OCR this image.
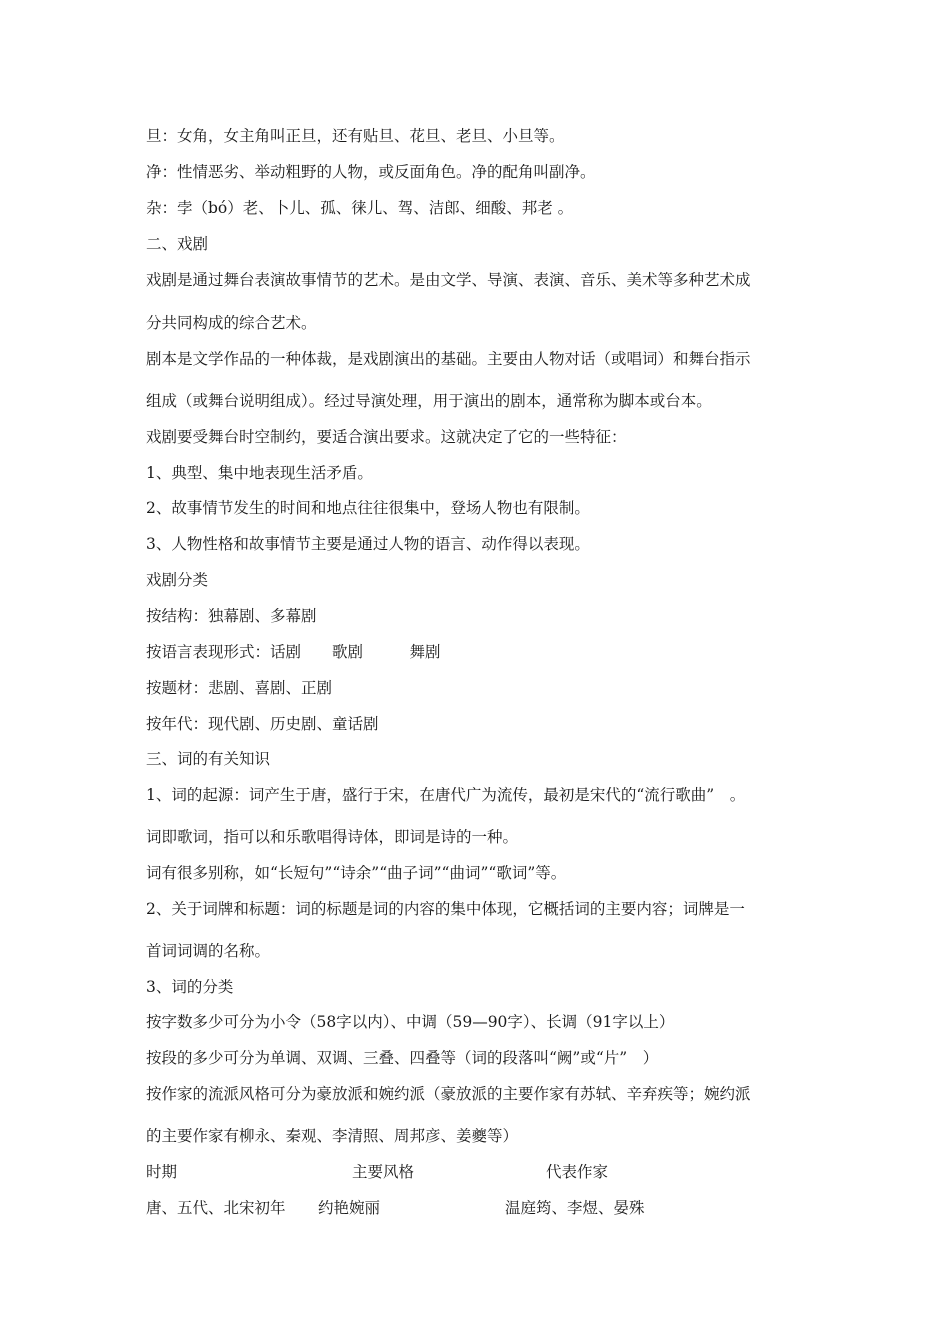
旦：女角，女主角叫正旦，还有贴旦、花旦、老旦、小旦等。
净：性情恶劣、举动粗野的人物，或反面角色。净的配角叫副净。
杂：孛（bó）老、卜儿、孤、徕儿、驾、洁郎、细酸、邦老 。
二、戏剧
戏剧是通过舞台表演故事情节的艺术。是由文学、导演、表演、音乐、美术等多种艺术成
分共同构成的综合艺术。
剧本是文学作品的一种体裁，是戏剧演出的基础。主要由人物对话（或唱词）和舞台指示
组成（或舞台说明组成）。经过导演处理，用于演出的剧本，通常称为脚本或台本。
戏剧要受舞台时空制约，要适合演出要求。这就决定了它的一些特征：
1、典型、集中地表现生活矛盾。
2、故事情节发生的时间和地点往往很集中，登场人物也有限制。
3、人物性格和故事情节主要是通过人物的语言、动作得以表现。
戏剧分类
按结构：独幕剧、多幕剧
按语言表现形式：话剧　　歌剧　　　舞剧
按题材：悲剧、喜剧、正剧
按年代：现代剧、历史剧、童话剧
三、词的有关知识
1、词的起源：词产生于唐，盛行于宋，在唐代广为流传，最初是宋代的“流行歌曲”　。
词即歌词，指可以和乐歌唱得诗体，即词是诗的一种。
词有很多别称，如“长短句”“诗余”“曲子词”“曲词”“歌词”等。
2、关于词牌和标题：词的标题是词的内容的集中体现，它概括词的主要内容；词牌是一
首词词调的名称。
3、词的分类
按字数多少可分为小令（58字以内）、中调（59—90字）、长调（91字以上）
按段的多少可分为单调、双调、三叠、四叠等（词的段落叫“阙”或“片”　）
按作家的流派风格可分为豪放派和婉约派（豪放派的主要作家有苏轼、辛弃疾等；婉约派
的主要作家有柳永、秦观、李清照、周邦彦、姜夔等）
时期	主要风格	代表作家
唐、五代、北宋初年 约艳婉丽	温庭筠、李煜、晏殊
